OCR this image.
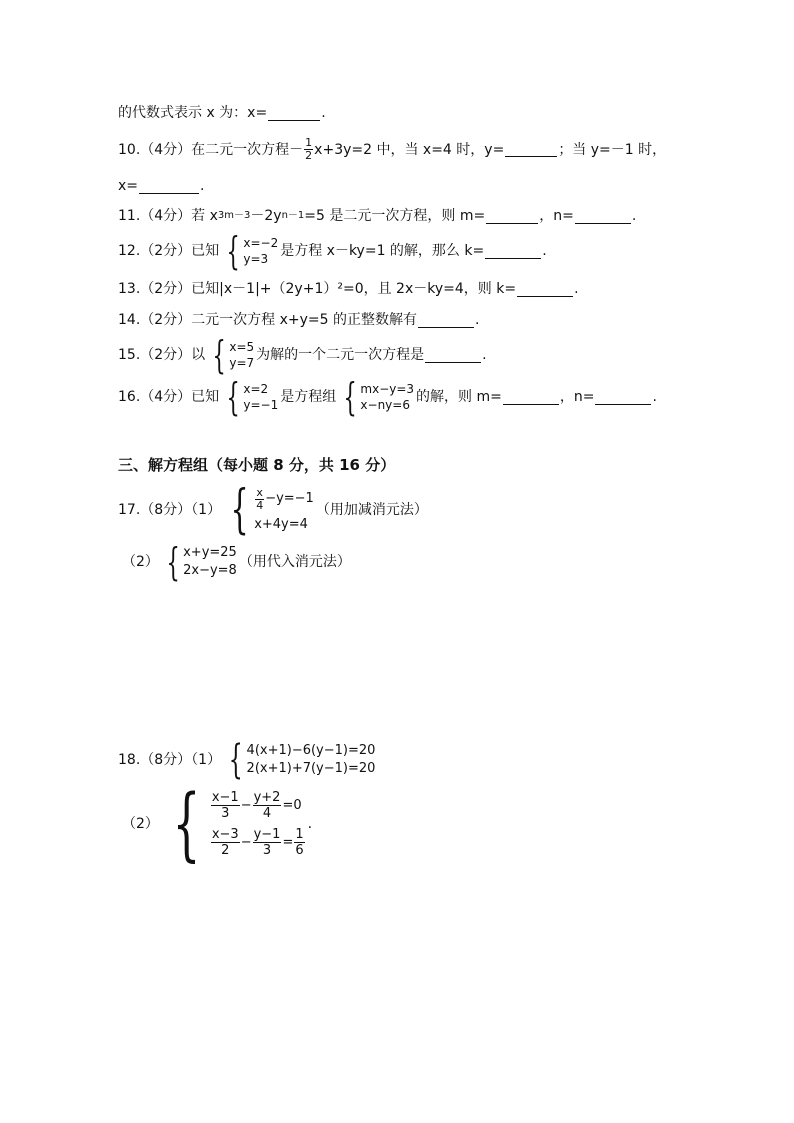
的代数式表示 x 为：x=	.
10.（4分）在二元一次方程－ $\frac{1}{2} x+3y=2$ 中，当 x=4 时，y=	；当 y=－1 时，
x=	.
11.（4分）若 x 3m－3 －2y n－1 =5 是二元一次方程，则 m=	，n=	.
12.（2分）已知 { x=−2
y=3 是方程 x－ky=1 的解，那么 k=	.
13.（2分）已知|x－1|+（2y+1）²=0，且 2x－ky=4，则 k=	.
14.（2分）二元一次方程 x+y=5 的正整数解有	.
15.（2分）以 { x=5
y=7 为解的一个二元一次方程是	.
16.（4分）已知 { x=2
y=−1 是方程组 { mx−y=3
x−ny=6 的解，则 m=	，n=	.
三、解方程组（每小题 8 分，共 16 分）
17.（8分）（1） { $\frac{x}{4} -y=-1$
x+4y=4
（用加减消元法）
（2） { x+y=25
2x−y=8
（用代入消元法）
18.（8分）（1） { 4(x+1)−6(y−1)=20
2(x+1)+7(y−1)=20
（2） { $\frac{x-1}{3} - \frac{y+2}{4} =0$
$\frac{x-3}{2} - \frac{y-1}{3} = \frac{1}{6}$
.
